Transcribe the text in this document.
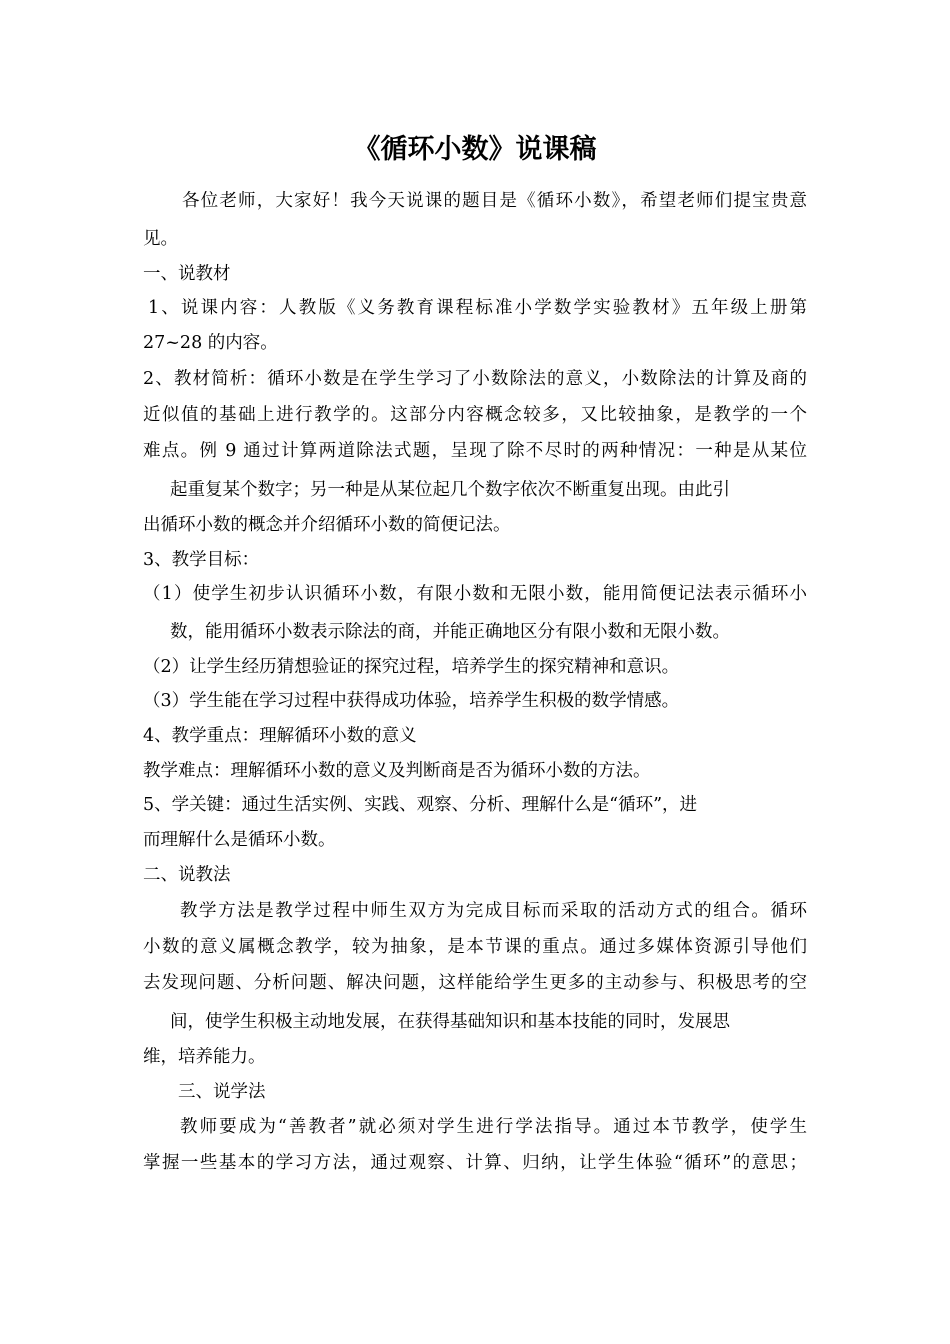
《循环小数》说课稿
各位老师，大家好！我今天说课的题目是《循环小数》，希望老师们提宝贵意
见。
一、说教材
1、说课内容：人教版《义务教育课程标准小学数学实验教材》五年级上册第
27~28 的内容。
2、教材简析：循环小数是在学生学习了小数除法的意义，小数除法的计算及商的
近似值的基础上进行教学的。这部分内容概念较多，又比较抽象，是教学的一个
难点。例 9 通过计算两道除法式题，呈现了除不尽时的两种情况：一种是从某位
起重复某个数字；另一种是从某位起几个数字依次不断重复出现。由此引
出循环小数的概念并介绍循环小数的简便记法。
3、教学目标：
（1）使学生初步认识循环小数，有限小数和无限小数，能用简便记法表示循环小
数，能用循环小数表示除法的商，并能正确地区分有限小数和无限小数。
（2）让学生经历猜想验证的探究过程，培养学生的探究精神和意识。
（3）学生能在学习过程中获得成功体验，培养学生积极的数学情感。
4、教学重点：理解循环小数的意义
教学难点：理解循环小数的意义及判断商是否为循环小数的方法。
5、学关键：通过生活实例、实践、观察、分析、理解什么是“循环”，进
而理解什么是循环小数。
二、说教法
教学方法是教学过程中师生双方为完成目标而采取的活动方式的组合。循环
小数的意义属概念教学，较为抽象，是本节课的重点。通过多媒体资源引导他们
去发现问题、分析问题、解决问题，这样能给学生更多的主动参与、积极思考的空
间，使学生积极主动地发展，在获得基础知识和基本技能的同时，发展思
维，培养能力。
三、说学法
教师要成为“善教者”就必须对学生进行学法指导。通过本节教学，使学生
掌握一些基本的学习方法，通过观察、计算、归纳，让学生体验“循环”的意思；
